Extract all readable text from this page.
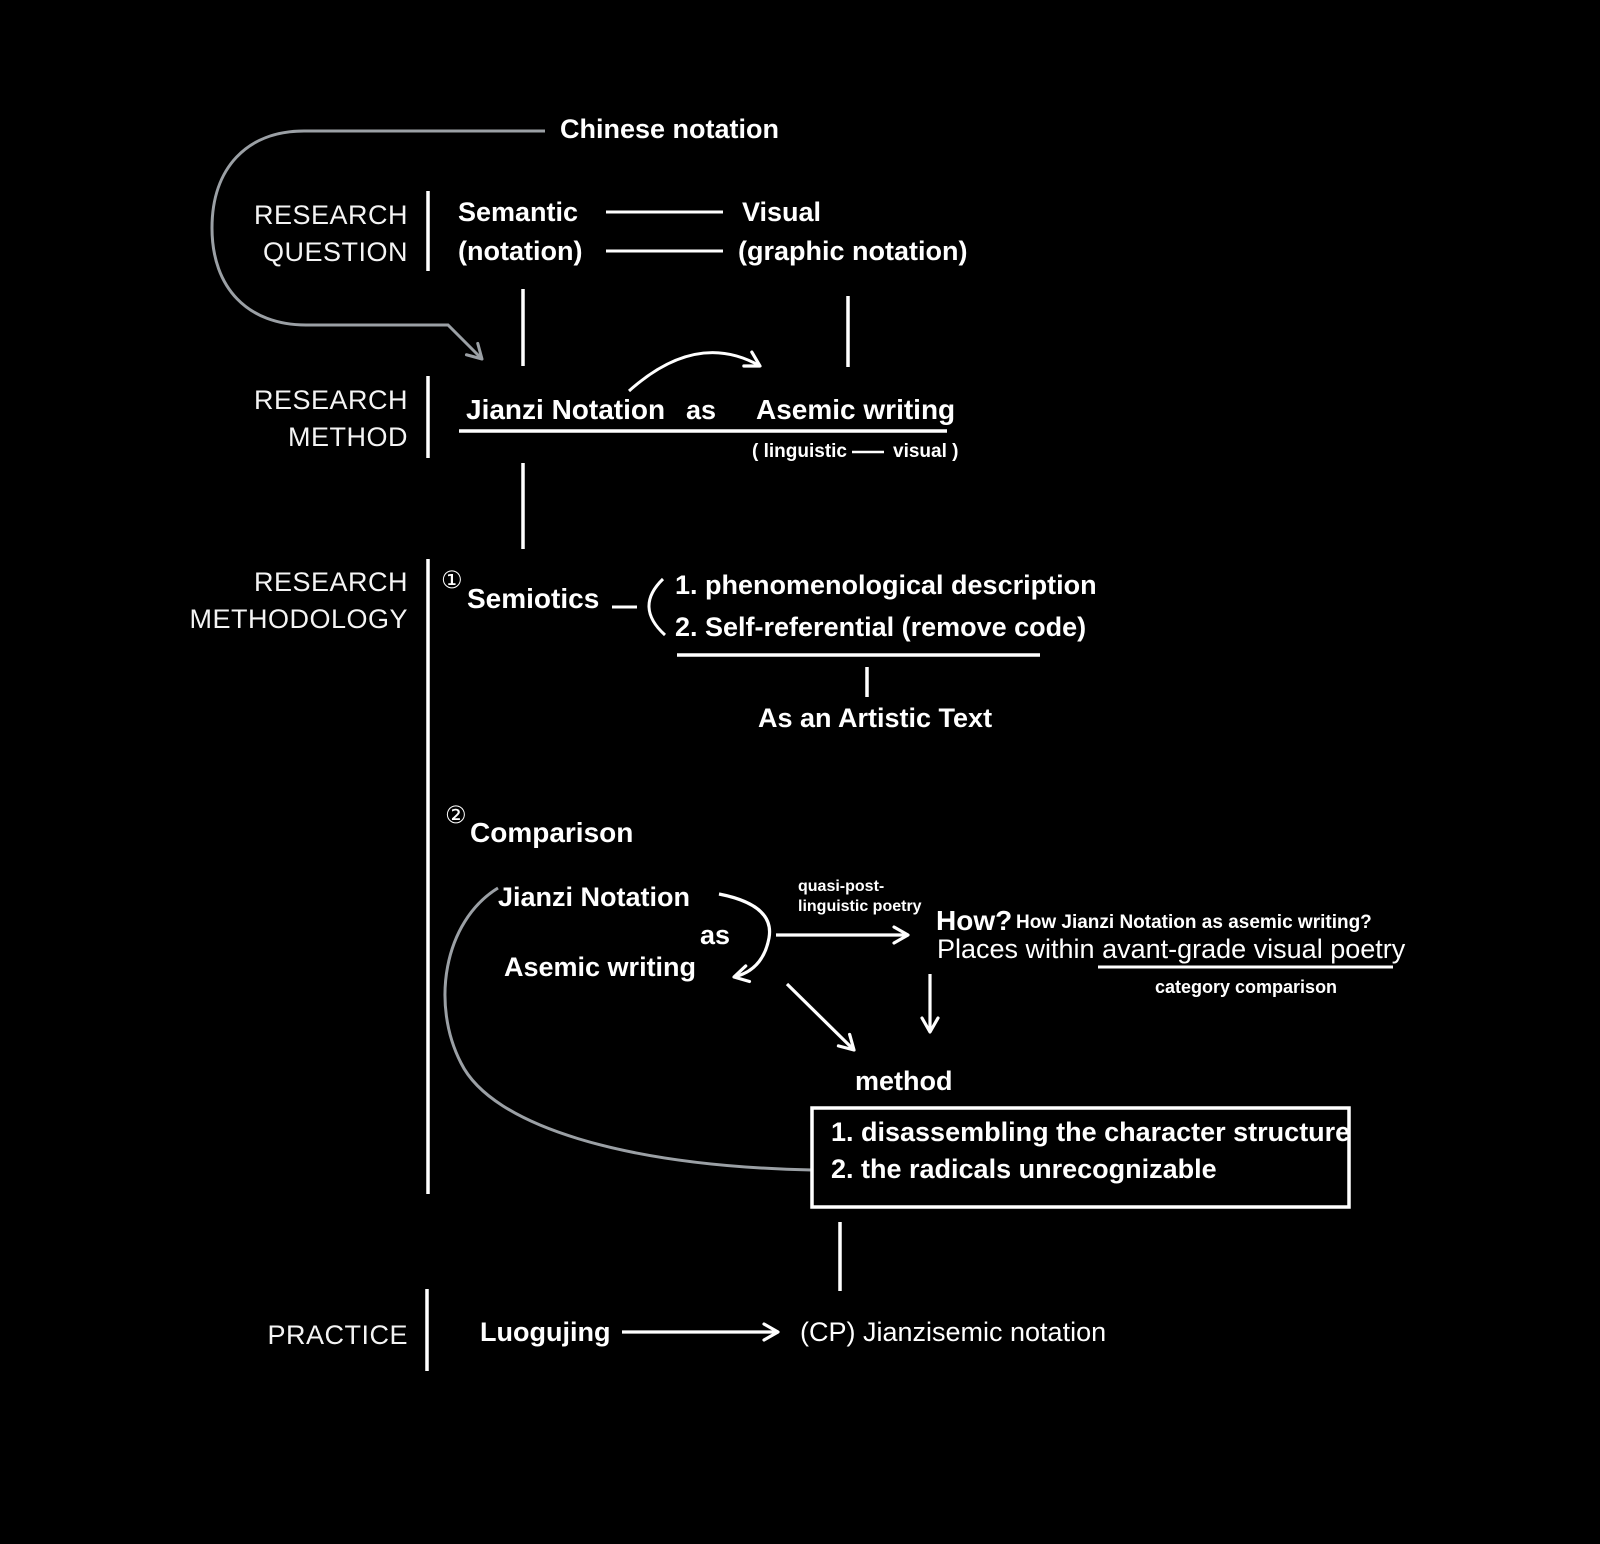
Chinese notation
RESEARCH
QUESTION
Semantic
(notation)
Visual
(graphic notation)
RESEARCH
METHOD
Jianzi Notation as Asemic writing
( linguistic visual )
RESEARCH
METHODOLOGY
①
Semiotics	1. phenomenological description
2. Self-referential (remove code)
As an Artistic Text
②
Comparison
Jianzi Notation
as
Asemic writing
quasi-post-
linguistic poetry How? How Jianzi Notation as asemic writing?
Places within avant-grade visual poetry
category comparison
method
1. disassembling the character structure
2. the radicals unrecognizable
PRACTICE	Luogujing	(CP) Jianzisemic notation
